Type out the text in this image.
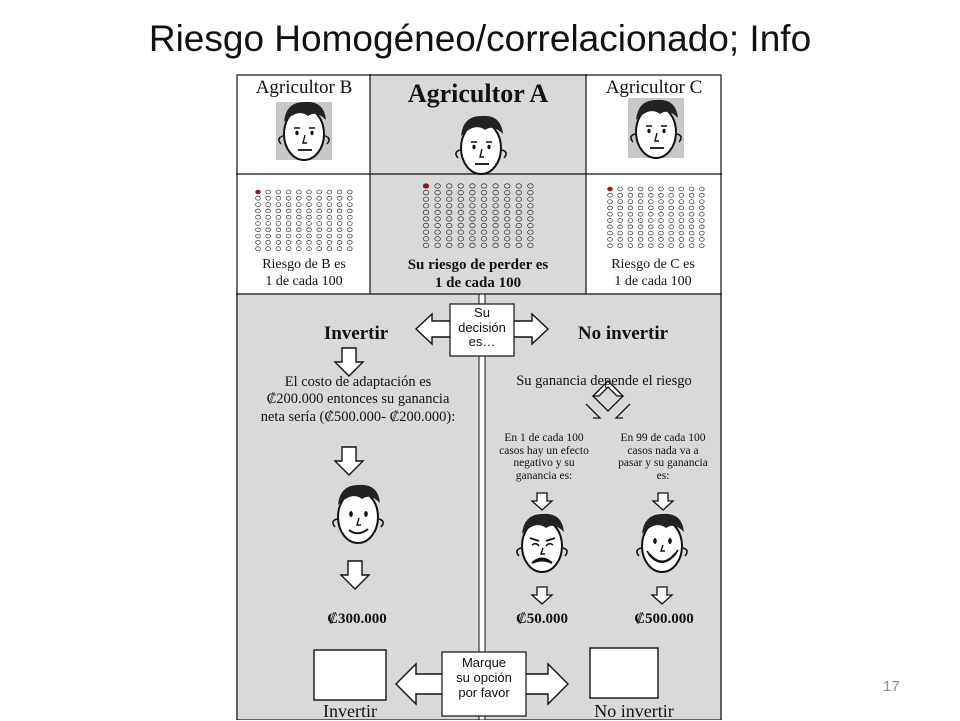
Riesgo Homogéneo/correlacionado; Info
Agricultor B	Agricultor A	Agricultor C
Riesgo de B es
1 de cada 100
Su riesgo de perder es
1 de cada 100
Riesgo de C es
1 de cada 100
Su
decisión
es…
Invertir	No invertir
El costo de adaptación es
₡200.000 entonces su ganancia
neta sería (₡500.000- ₡200.000):
₡300.000
Su ganancia depende el riesgo
En 1 de cada 100
casos hay un efecto
negativo y su
ganancia es:
En 99 de cada 100
casos nada va a
pasar y su ganancia
es:
₡50.000	₡500.000
Marque
su opción
por favor
Invertir	No invertir
17
